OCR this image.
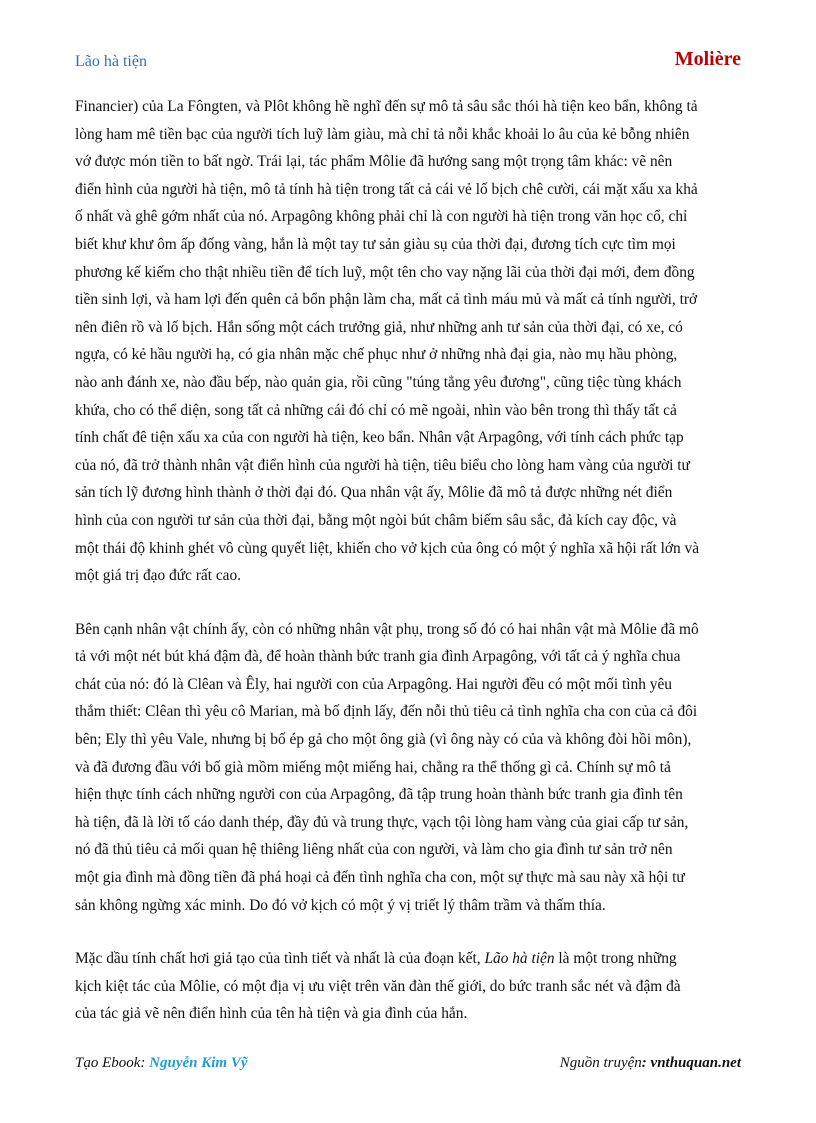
Lão hà tiện	Molière

Financier) của La Fôngten, và Plôt không hề nghĩ đến sự mô tả sâu sắc thói hà tiện keo bẩn, không tả
lòng ham mê tiền bạc của người tích luỹ làm giàu, mà chỉ tả nỗi khắc khoải lo âu của kẻ bỗng nhiên
vớ được món tiền to bất ngờ. Trái lại, tác phẩm Môlie đã hướng sang một trọng tâm khác: vẽ nên
điển hình của người hà tiện, mô tả tính hà tiện trong tất cả cái vẻ lố bịch chê cười, cái mặt xấu xa khả
ố nhất và ghê gớm nhất của nó. Arpagông không phải chỉ là con người hà tiện trong văn học cổ, chỉ
biết khư khư ôm ấp đống vàng, hắn là một tay tư sản giàu sụ của thời đại, đương tích cực tìm mọi
phương kế kiếm cho thật nhiều tiền để tích luỹ, một tên cho vay nặng lãi của thời đại mới, đem đồng
tiền sinh lợi, và ham lợi đến quên cả bổn phận làm cha, mất cả tình máu mủ và mất cả tính người, trở
nên điên rồ và lố bịch. Hắn sống một cách trưởng giả, như những anh tư sản của thời đại, có xe, có
ngựa, có kẻ hầu người hạ, có gia nhân mặc chế phục như ở những nhà đại gia, nào mụ hầu phòng,
nào anh đánh xe, nào đầu bếp, nào quản gia, rồi cũng "túng tẳng yêu đương", cũng tiệc tùng khách
khứa, cho có thể diện, song tất cả những cái đó chỉ có mẽ ngoài, nhìn vào bên trong thì thấy tất cả
tính chất đê tiện xấu xa của con người hà tiện, keo bẩn. Nhân vật Arpagông, với tính cách phức tạp
của nó, đã trở thành nhân vật điển hình của người hà tiện, tiêu biểu cho lòng ham vàng của người tư
sản tích lỹ đương hình thành ở thời đại đó. Qua nhân vật ấy, Môlie đã mô tả được những nét điển
hình của con người tư sản của thời đại, bằng một ngòi bút châm biếm sâu sắc, đả kích cay độc, và
một thái độ khinh ghét vô cùng quyết liệt, khiến cho vở kịch của ông có một ý nghĩa xã hội rất lớn và
một giá trị đạo đức rất cao.

Bên cạnh nhân vật chính ấy, còn có những nhân vật phụ, trong số đó có hai nhân vật mà Môlie đã mô
tả với một nét bút khá đậm đà, để hoàn thành bức tranh gia đình Arpagông, với tất cả ý nghĩa chua
chát của nó: đó là Clêan và Êly, hai người con của Arpagông. Hai người đều có một mối tình yêu
thắm thiết: Clêan thì yêu cô Marian, mà bố định lấy, đến nỗi thủ tiêu cả tình nghĩa cha con của cả đôi
bên; Ely thì yêu Vale, nhưng bị bố ép gả cho một ông già (vì ông này có của và không đòi hồi môn),
và đã đương đầu với bố già mồm miếng một miếng hai, chẳng ra thể thống gì cả. Chính sự mô tả
hiện thực tính cách những người con của Arpagông, đã tập trung hoàn thành bức tranh gia đình tên
hà tiện, đã là lời tố cáo danh thép, đầy đủ và trung thực, vạch tội lòng ham vàng của giai cấp tư sản,
nó đã thủ tiêu cả mối quan hệ thiêng liêng nhất của con người, và làm cho gia đình tư sản trở nên
một gia đình mà đồng tiền đã phá hoại cả đến tình nghĩa cha con, một sự thực mà sau này xã hội tư
sản không ngừng xác minh. Do đó vở kịch có một ý vị triết lý thâm trầm và thấm thía.

Mặc dầu tính chất hơi giả tạo của tình tiết và nhất là của đoạn kết, Lão hà tiện là một trong những
kịch kiệt tác của Môlie, có một địa vị ưu việt trên văn đàn thế giới, do bức tranh sắc nét và đậm đà
của tác giả vẽ nên điển hình của tên hà tiện và gia đình của hắn.

Tạo Ebook: Nguyễn Kim Vỹ	Nguồn truyện: vnthuquan.net
